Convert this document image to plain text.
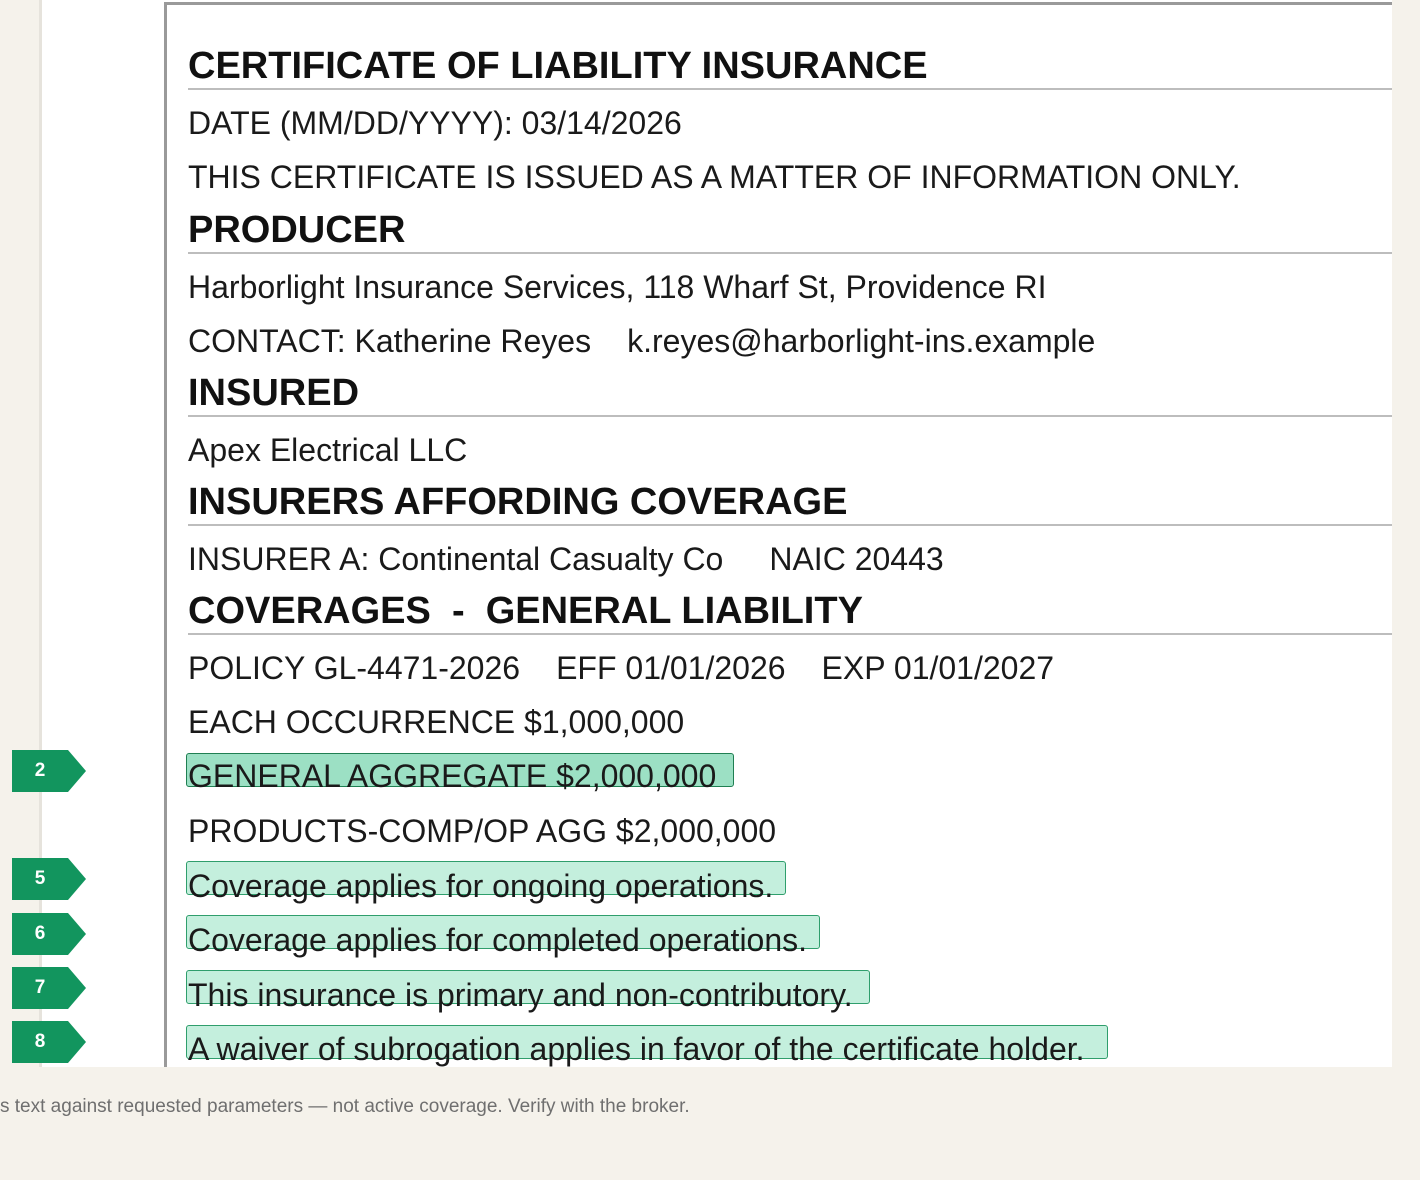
CERTIFICATE OF LIABILITY INSURANCE
DATE (MM/DD/YYYY): 03/14/2026
THIS CERTIFICATE IS ISSUED AS A MATTER OF INFORMATION ONLY.
PRODUCER
Harborlight Insurance Services, 118 Wharf St, Providence RI
CONTACT: Katherine Reyes k.reyes@harborlight-ins.example
INSURED
Apex Electrical LLC
INSURERS AFFORDING COVERAGE
INSURER A: Continental Casualty Co NAIC 20443
COVERAGES  -  GENERAL LIABILITY
POLICY GL-4471-2026 EFF 01/01/2026 EXP 01/01/2027
EACH OCCURRENCE $1,000,000
GENERAL AGGREGATE $2,000,000
PRODUCTS-COMP/OP AGG $2,000,000
Coverage applies for ongoing operations.
Coverage applies for completed operations.
This insurance is primary and non-contributory.
A waiver of subrogation applies in favor of the certificate holder.
2
5
6
7
8
s text against requested parameters — not active coverage. Verify with the broker.
